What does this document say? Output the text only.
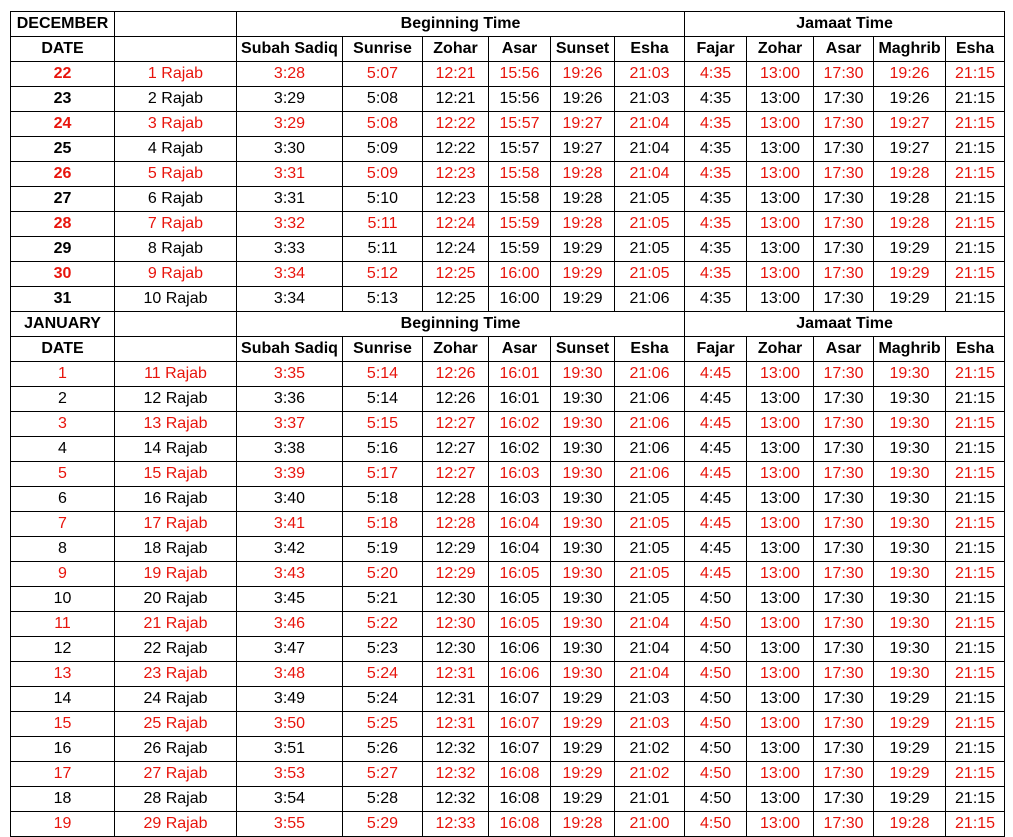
DECEMBER		Beginning Time						Jamaat Time				
DATE		Subah Sadiq	Sunrise	Zohar	Asar	Sunset	Esha	Fajar	Zohar	Asar	Maghrib	Esha
22	1 Rajab	3:28	5:07	12:21	15:56	19:26	21:03	4:35	13:00	17:30	19:26	21:15
23	2 Rajab	3:29	5:08	12:21	15:56	19:26	21:03	4:35	13:00	17:30	19:26	21:15
24	3 Rajab	3:29	5:08	12:22	15:57	19:27	21:04	4:35	13:00	17:30	19:27	21:15
25	4 Rajab	3:30	5:09	12:22	15:57	19:27	21:04	4:35	13:00	17:30	19:27	21:15
26	5 Rajab	3:31	5:09	12:23	15:58	19:28	21:04	4:35	13:00	17:30	19:28	21:15
27	6 Rajab	3:31	5:10	12:23	15:58	19:28	21:05	4:35	13:00	17:30	19:28	21:15
28	7 Rajab	3:32	5:11	12:24	15:59	19:28	21:05	4:35	13:00	17:30	19:28	21:15
29	8 Rajab	3:33	5:11	12:24	15:59	19:29	21:05	4:35	13:00	17:30	19:29	21:15
30	9 Rajab	3:34	5:12	12:25	16:00	19:29	21:05	4:35	13:00	17:30	19:29	21:15
31	10 Rajab	3:34	5:13	12:25	16:00	19:29	21:06	4:35	13:00	17:30	19:29	21:15
JANUARY		Beginning Time						Jamaat Time				
DATE		Subah Sadiq	Sunrise	Zohar	Asar	Sunset	Esha	Fajar	Zohar	Asar	Maghrib	Esha
1	11 Rajab	3:35	5:14	12:26	16:01	19:30	21:06	4:45	13:00	17:30	19:30	21:15
2	12 Rajab	3:36	5:14	12:26	16:01	19:30	21:06	4:45	13:00	17:30	19:30	21:15
3	13 Rajab	3:37	5:15	12:27	16:02	19:30	21:06	4:45	13:00	17:30	19:30	21:15
4	14 Rajab	3:38	5:16	12:27	16:02	19:30	21:06	4:45	13:00	17:30	19:30	21:15
5	15 Rajab	3:39	5:17	12:27	16:03	19:30	21:06	4:45	13:00	17:30	19:30	21:15
6	16 Rajab	3:40	5:18	12:28	16:03	19:30	21:05	4:45	13:00	17:30	19:30	21:15
7	17 Rajab	3:41	5:18	12:28	16:04	19:30	21:05	4:45	13:00	17:30	19:30	21:15
8	18 Rajab	3:42	5:19	12:29	16:04	19:30	21:05	4:45	13:00	17:30	19:30	21:15
9	19 Rajab	3:43	5:20	12:29	16:05	19:30	21:05	4:45	13:00	17:30	19:30	21:15
10	20 Rajab	3:45	5:21	12:30	16:05	19:30	21:05	4:50	13:00	17:30	19:30	21:15
11	21 Rajab	3:46	5:22	12:30	16:05	19:30	21:04	4:50	13:00	17:30	19:30	21:15
12	22 Rajab	3:47	5:23	12:30	16:06	19:30	21:04	4:50	13:00	17:30	19:30	21:15
13	23 Rajab	3:48	5:24	12:31	16:06	19:30	21:04	4:50	13:00	17:30	19:30	21:15
14	24 Rajab	3:49	5:24	12:31	16:07	19:29	21:03	4:50	13:00	17:30	19:29	21:15
15	25 Rajab	3:50	5:25	12:31	16:07	19:29	21:03	4:50	13:00	17:30	19:29	21:15
16	26 Rajab	3:51	5:26	12:32	16:07	19:29	21:02	4:50	13:00	17:30	19:29	21:15
17	27 Rajab	3:53	5:27	12:32	16:08	19:29	21:02	4:50	13:00	17:30	19:29	21:15
18	28 Rajab	3:54	5:28	12:32	16:08	19:29	21:01	4:50	13:00	17:30	19:29	21:15
19	29 Rajab	3:55	5:29	12:33	16:08	19:28	21:00	4:50	13:00	17:30	19:28	21:15
